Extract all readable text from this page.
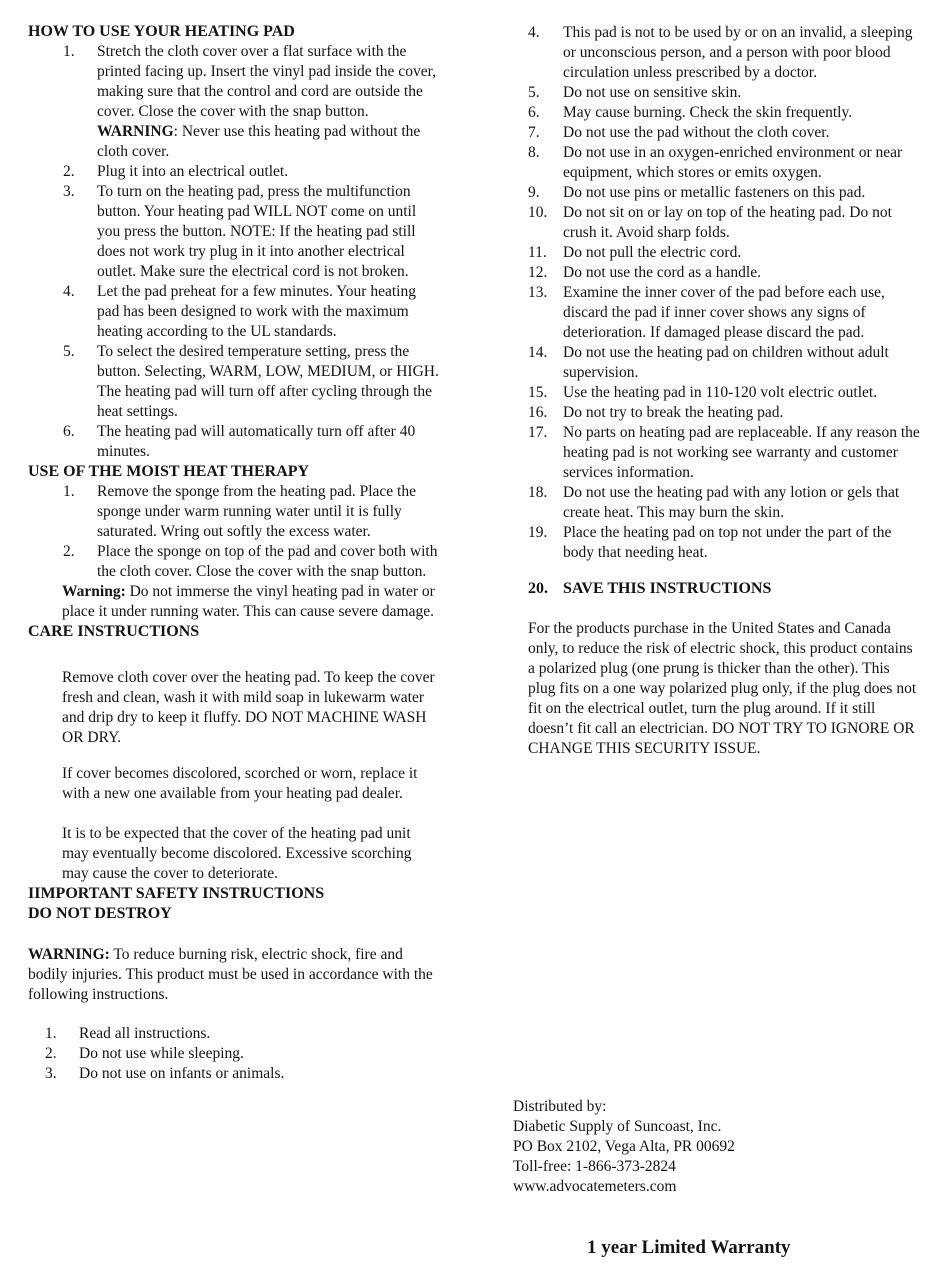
HOW TO USE YOUR HEATING PAD
1.	Stretch the cloth cover over a flat surface with the printed facing up. Insert the vinyl pad inside the cover, making sure that the control and cord are outside the cover. Close the cover with the snap button. WARNING: Never use this heating pad without the cloth cover.
2.	Plug it into an electrical outlet.
3.	To turn on the heating pad, press the multifunction button. Your heating pad WILL NOT come on until you press the button. NOTE: If the heating pad still does not work try plug in it into another electrical outlet. Make sure the electrical cord is not broken.
4.	Let the pad preheat for a few minutes. Your heating pad has been designed to work with the maximum heating according to the UL standards.
5.	To select the desired temperature setting, press the button. Selecting, WARM, LOW, MEDIUM, or HIGH. The heating pad will turn off after cycling through the heat settings.
6.	The heating pad will automatically turn off after 40 minutes.
USE OF THE MOIST HEAT THERAPY
1.	Remove the sponge from the heating pad. Place the sponge under warm running water until it is fully saturated. Wring out softly the excess water.
2.	Place the sponge on top of the pad and cover both with the cloth cover. Close the cover with the snap button.

Warning: Do not immerse the vinyl heating pad in water or place it under running water. This can cause severe damage.

CARE INSTRUCTIONS

Remove cloth cover over the heating pad. To keep the cover fresh and clean, wash it with mild soap in lukewarm water and drip dry to keep it fluffy. DO NOT MACHINE WASH OR DRY.

If cover becomes discolored, scorched or worn, replace it with a new one available from your heating pad dealer.

It is to be expected that the cover of the heating pad unit may eventually become discolored. Excessive scorching may cause the cover to deteriorate.

IIMPORTANT SAFETY INSTRUCTIONS
DO NOT DESTROY

WARNING: To reduce burning risk, electric shock, fire and bodily injuries. This product must be used in accordance with the following instructions.

1.	Read all instructions.
2.	Do not use while sleeping.
3.	Do not use on infants or animals.
4.	This pad is not to be used by or on an invalid, a sleeping or unconscious person, and a person with poor blood circulation unless prescribed by a doctor.
5.	Do not use on sensitive skin.
6.	May cause burning. Check the skin frequently.
7.	Do not use the pad without the cloth cover.
8.	Do not use in an oxygen-enriched environment or near equipment, which stores or emits oxygen.
9.	Do not use pins or metallic fasteners on this pad.
10.	Do not sit on or lay on top of the heating pad. Do not crush it. Avoid sharp folds.
11.	Do not pull the electric cord.
12.	Do not use the cord as a handle.
13.	Examine the inner cover of the pad before each use, discard the pad if inner cover shows any signs of deterioration. If damaged please discard the pad.
14.	Do not use the heating pad on children without adult supervision.
15.	Use the heating pad in 110-120 volt electric outlet.
16.	Do not try to break the heating pad.
17.	No parts on heating pad are replaceable. If any reason the heating pad is not working see warranty and customer services information.
18.	Do not use the heating pad with any lotion or gels that create heat. This may burn the skin.
19.	Place the heating pad on top not under the part of the body that needing heat.
20. SAVE THIS INSTRUCTIONS

For the products purchase in the United States and Canada only, to reduce the risk of electric shock, this product contains a polarized plug (one prung is thicker than the other). This plug fits on a one way polarized plug only, if the plug does not fit on the electrical outlet, turn the plug around. If it still doesn’t fit call an electrician. DO NOT TRY TO IGNORE OR CHANGE THIS SECURITY ISSUE.

Distributed by:

Diabetic Supply of Suncoast, Inc.

PO Box 2102, Vega Alta, PR 00692

Toll-free: 1-866-373-2824

www.advocatemeters.com

1 year Limited Warranty
